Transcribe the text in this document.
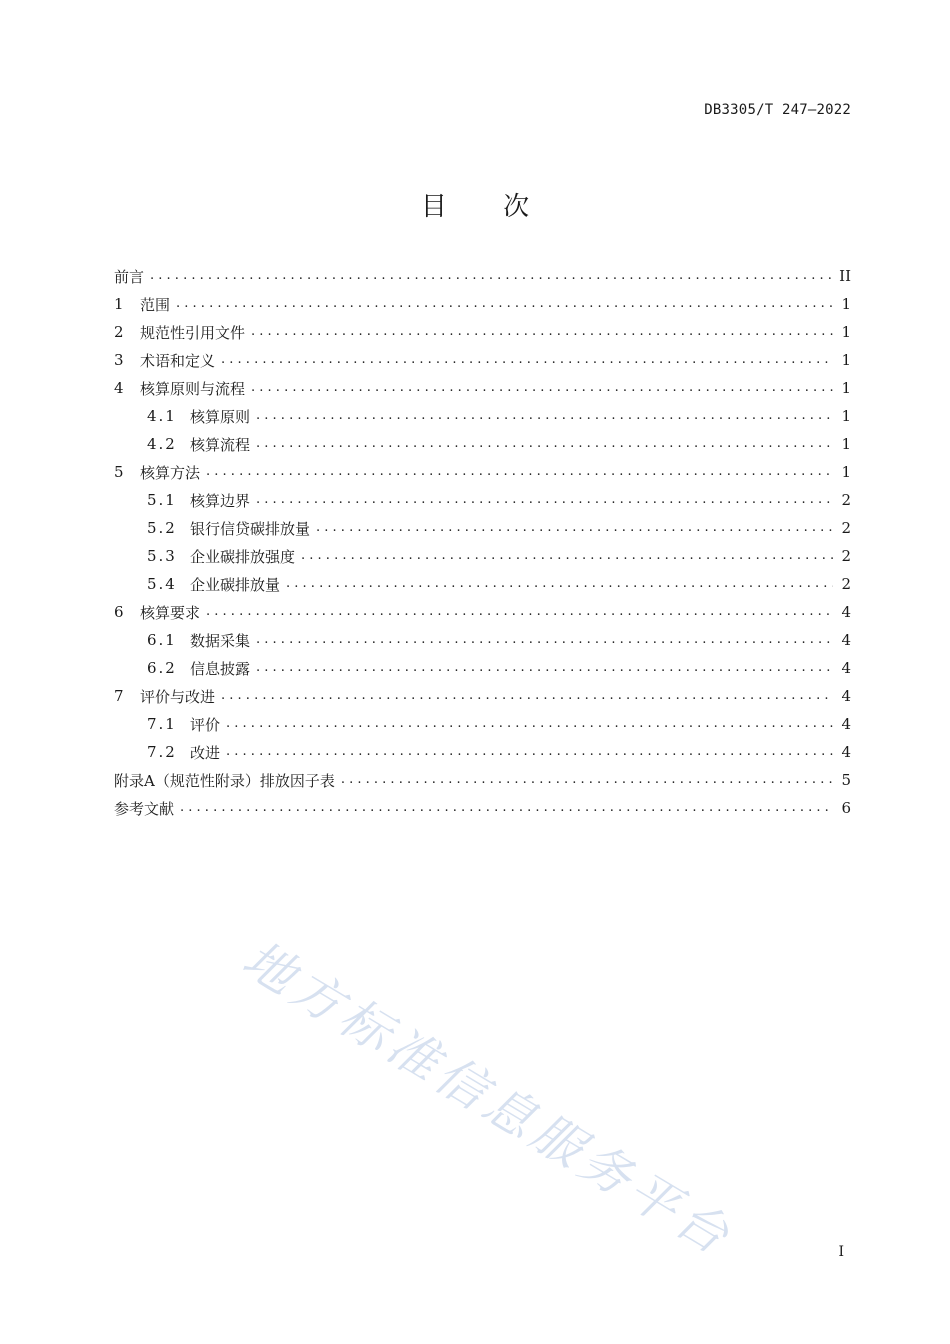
DB3305/T 247—2022
目 次
前言 . . .	II
1	范围 . . .	1
2	规范性引用文件 . . .	1
3	术语和定义 . . .	1
4	核算原则与流程 . . .	1
4.1 核算原则 . . .	1
4.2 核算流程 . . .	1
5	核算方法 . . .	1
5.1 核算边界 . . .	2
5.2 银行信贷碳排放量 . . .	2
5.3 企业碳排放强度 . . .	2
5.4 企业碳排放量 . . .	2
6	核算要求 . . .	4
6.1 数据采集 . . .	4
6.2 信息披露 . . .	4
7	评价与改进 . . .	4
7.1 评价 . . .	4
7.2 改进 . . .	4
附录A（规范性附录）排放因子表 . . .	5
参考文献 . . .	6
地方标准信息服务平台	I
